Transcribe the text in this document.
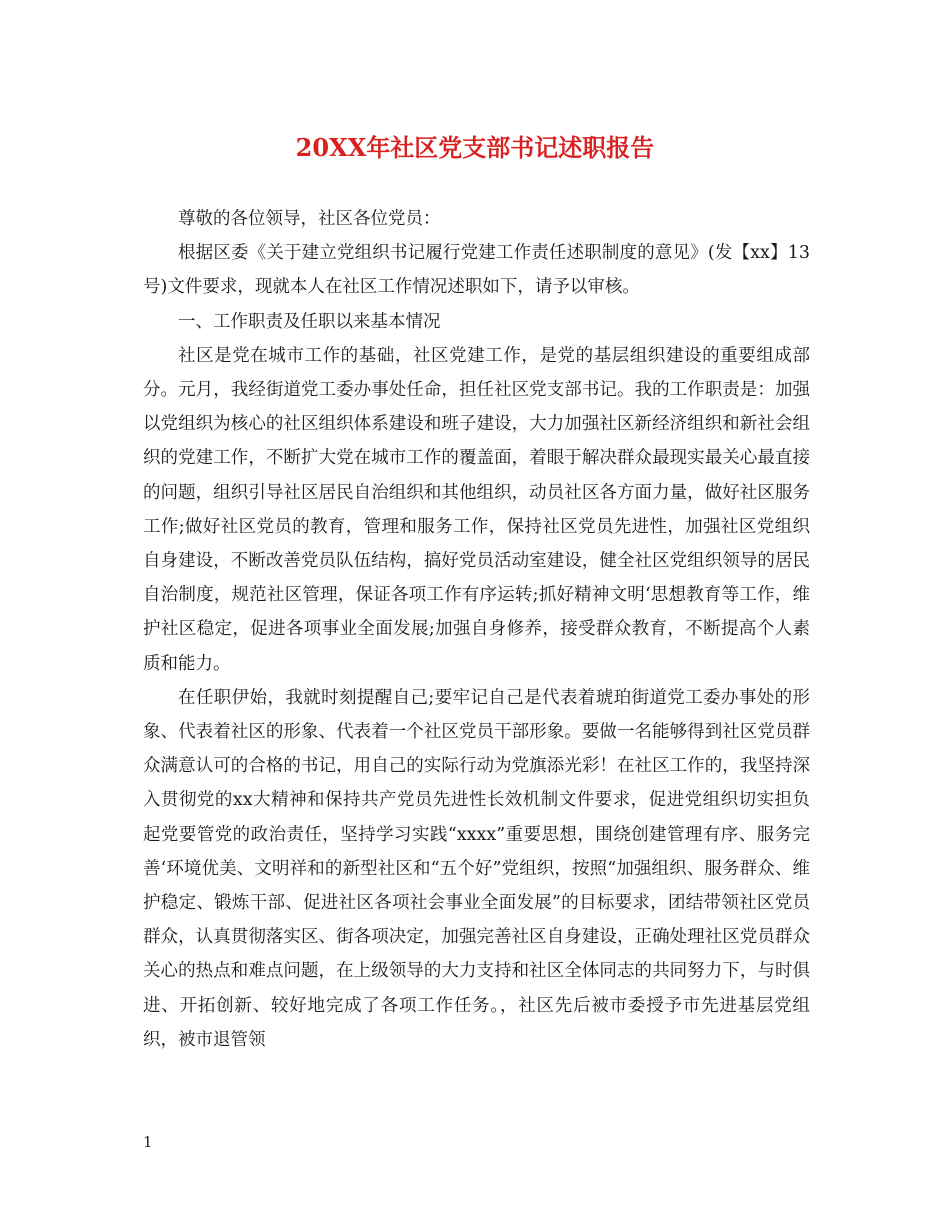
20XX年社区党支部书记述职报告

尊敬的各位领导，社区各位党员：

根据区委《关于建立党组织书记履行党建工作责任述职制度的意见》(发【xx】13号)文件要求，现就本人在社区工作情况述职如下，请予以审核。

一、工作职责及任职以来基本情况

社区是党在城市工作的基础，社区党建工作，是党的基层组织建设的重要组成部分。元月，我经街道党工委办事处任命，担任社区党支部书记。我的工作职责是：加强以党组织为核心的社区组织体系建设和班子建设，大力加强社区新经济组织和新社会组织的党建工作，不断扩大党在城市工作的覆盖面，着眼于解决群众最现实最关心最直接的问题，组织引导社区居民自治组织和其他组织，动员社区各方面力量，做好社区服务工作;做好社区党员的教育，管理和服务工作，保持社区党员先进性，加强社区党组织自身建设，不断改善党员队伍结构，搞好党员活动室建设，健全社区党组织领导的居民自治制度，规范社区管理，保证各项工作有序运转;抓好精神文明‘思想教育等工作，维护社区稳定，促进各项事业全面发展;加强自身修养，接受群众教育，不断提高个人素质和能力。

在任职伊始，我就时刻提醒自己;要牢记自己是代表着琥珀街道党工委办事处的形象、代表着社区的形象、代表着一个社区党员干部形象。要做一名能够得到社区党员群众满意认可的合格的书记，用自己的实际行动为党旗添光彩！在社区工作的，我坚持深入贯彻党的xx大精神和保持共产党员先进性长效机制文件要求，促进党组织切实担负起党要管党的政治责任，坚持学习实践“xxxx”重要思想，围绕创建管理有序、服务完善‘环境优美、文明祥和的新型社区和“五个好”党组织，按照“加强组织、服务群众、维护稳定、锻炼干部、促进社区各项社会事业全面发展”的目标要求，团结带领社区党员群众，认真贯彻落实区、街各项决定，加强完善社区自身建设，正确处理社区党员群众关心的热点和难点问题，在上级领导的大力支持和社区全体同志的共同努力下，与时俱进、开拓创新、较好地完成了各项工作任务。，社区先后被市委授予市先进基层党组织，被市退管领

1
